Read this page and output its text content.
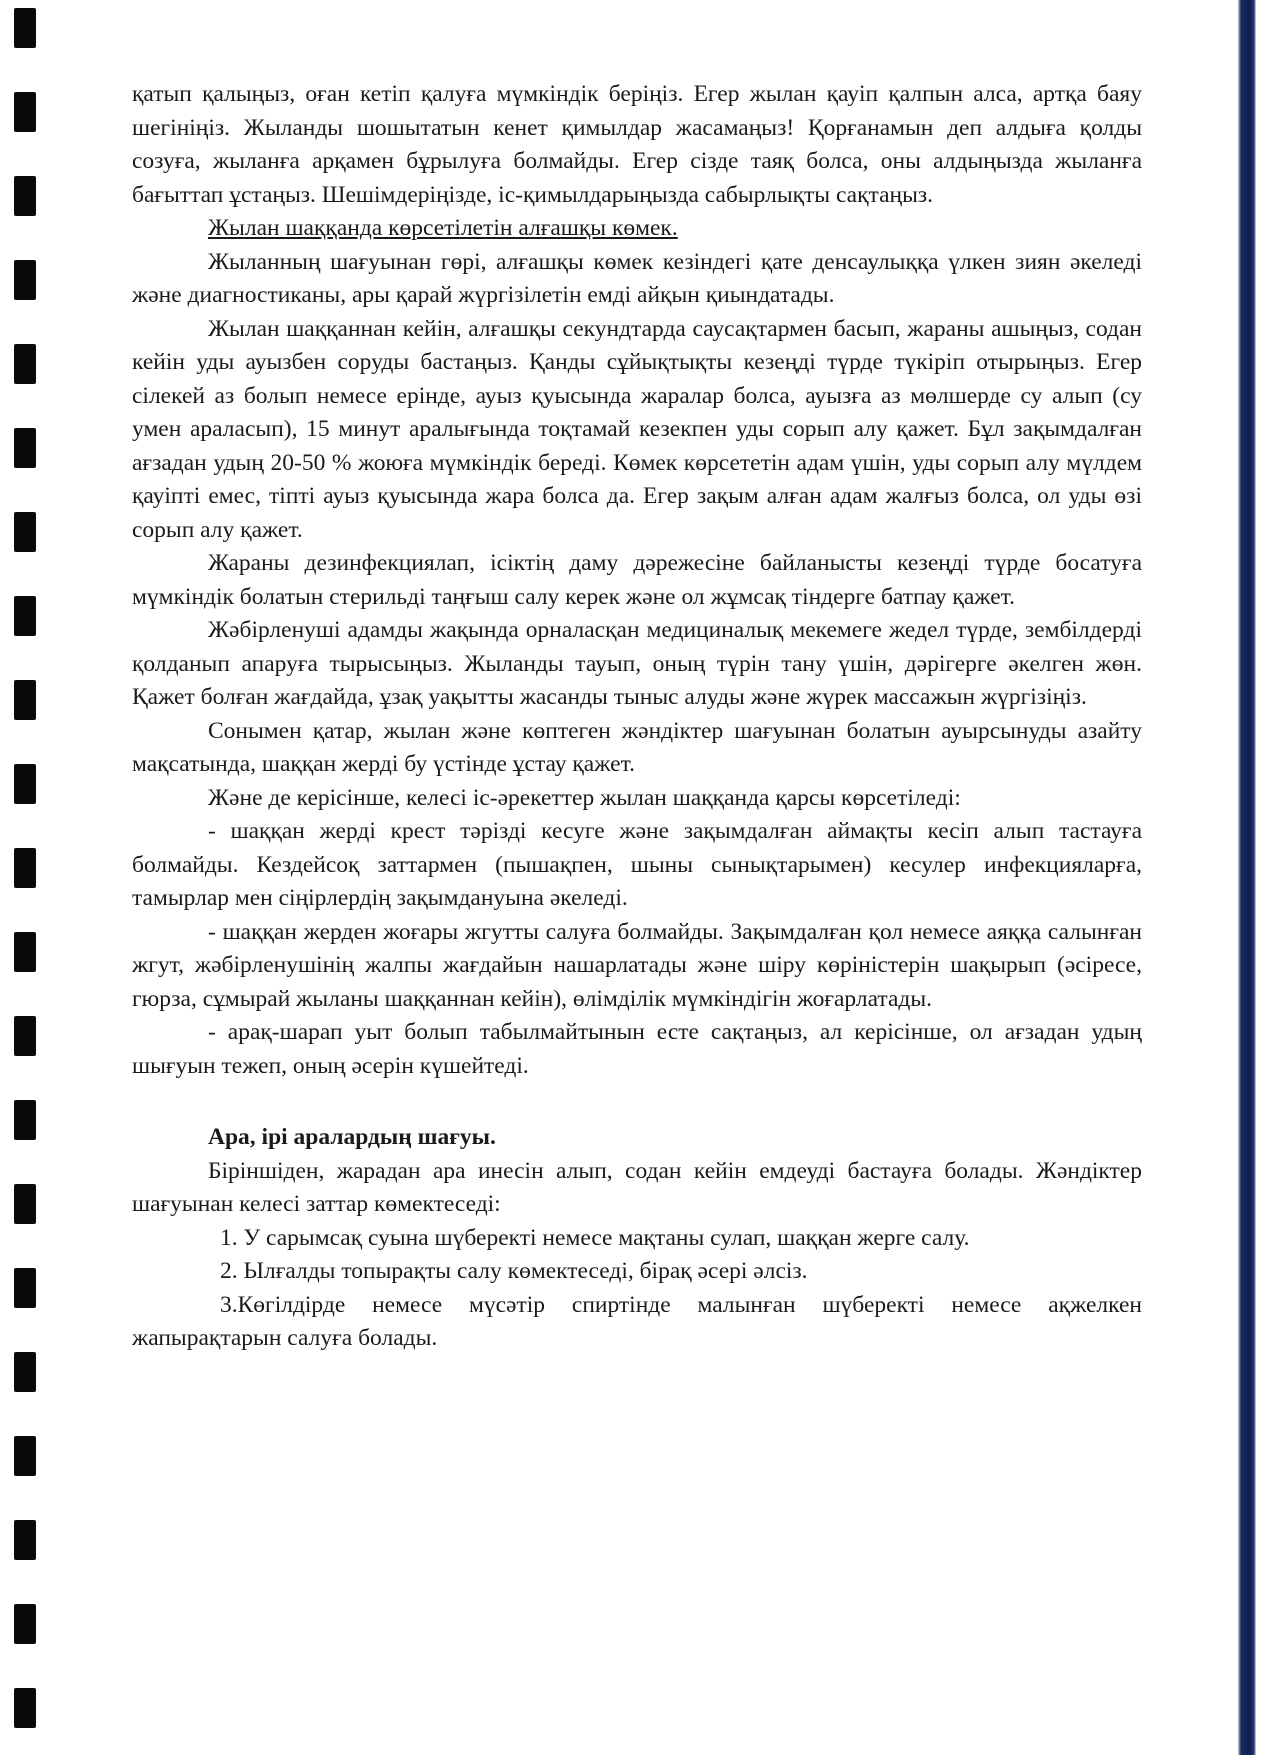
қатып қалыңыз, оған кетіп қалуға мүмкіндік беріңіз. Егер жылан қауіп қалпын алса, артқа баяу шегініңіз. Жыланды шошытатын кенет қимылдар жасамаңыз! Қорғанамын деп алдыға қолды созуға, жыланға арқамен бұрылуға болмайды. Егер сізде таяқ болса, оны алдыңызда жыланға бағыттап ұстаңыз. Шешімдеріңізде, іс-қимылдарыңызда сабырлықты сақтаңыз.

Жылан шаққанда көрсетілетін алғашқы көмек.

Жыланның шағуынан гөрі, алғашқы көмек кезіндегі қате денсаулыққа үлкен зиян әкеледі және диагностиканы, ары қарай жүргізілетін емді айқын қиындатады.

Жылан шаққаннан кейін, алғашқы секундтарда саусақтармен басып, жараны ашыңыз, содан кейін уды ауызбен соруды бастаңыз. Қанды сұйықтықты кезеңді түрде түкіріп отырыңыз. Егер сілекей аз болып немесе ерінде, ауыз қуысында жаралар болса, ауызға аз мөлшерде су алып (су умен араласып), 15 минут аралығында тоқтамай кезекпен уды сорып алу қажет. Бұл зақымдалған ағзадан удың 20-50 % жоюға мүмкіндік береді. Көмек көрсететін адам үшін, уды сорып алу мүлдем қауіпті емес, тіпті ауыз қуысында жара болса да. Егер зақым алған адам жалғыз болса, ол уды өзі сорып алу қажет.

Жараны дезинфекциялап, ісіктің даму дәрежесіне байланысты кезеңді түрде босатуға мүмкіндік болатын стерильді таңғыш салу керек және ол жұмсақ тіндерге батпау қажет.

Жәбірленуші адамды жақында орналасқан медициналық мекемеге жедел түрде, зембілдерді қолданып апаруға тырысыңыз. Жыланды тауып, оның түрін тану үшін, дәрігерге әкелген жөн. Қажет болған жағдайда, ұзақ уақытты жасанды тыныс алуды және жүрек массажын жүргізіңіз.

Сонымен қатар, жылан және көптеген жәндіктер шағуынан болатын ауырсынуды азайту мақсатында, шаққан жерді бу үстінде ұстау қажет.

Және де керісінше, келесі іс-әрекеттер жылан шаққанда қарсы көрсетіледі:

- шаққан жерді крест тәрізді кесуге және зақымдалған аймақты кесіп алып тастауға болмайды. Кездейсоқ заттармен (пышақпен, шыны сынықтарымен) кесулер инфекцияларға, тамырлар мен сіңірлердің зақымдануына әкеледі.

- шаққан жерден жоғары жгутты салуға болмайды. Зақымдалған қол немесе аяққа салынған жгут, жәбірленушінің жалпы жағдайын нашарлатады және шіру көріністерін шақырып (әсіресе, гюрза, сұмырай жыланы шаққаннан кейін), өлімділік мүмкіндігін жоғарлатады.

- арақ-шарап уыт болып табылмайтынын есте сақтаңыз, ал керісінше, ол ағзадан удың шығуын тежеп, оның әсерін күшейтеді.

Ара, ірі аралардың шағуы.

Біріншіден, жарадан ара инесін алып, содан кейін емдеуді бастауға болады. Жәндіктер шағуынан келесі заттар көмектеседі:

1. У сарымсақ суына шүберекті немесе мақтаны сулап, шаққан жерге салу.

2. Ылғалды топырақты салу көмектеседі, бірақ әсері әлсіз.

3.Көгілдірде немесе мүсәтір спиртінде малынған шүберекті немесе ақжелкен жапырақтарын салуға болады.
